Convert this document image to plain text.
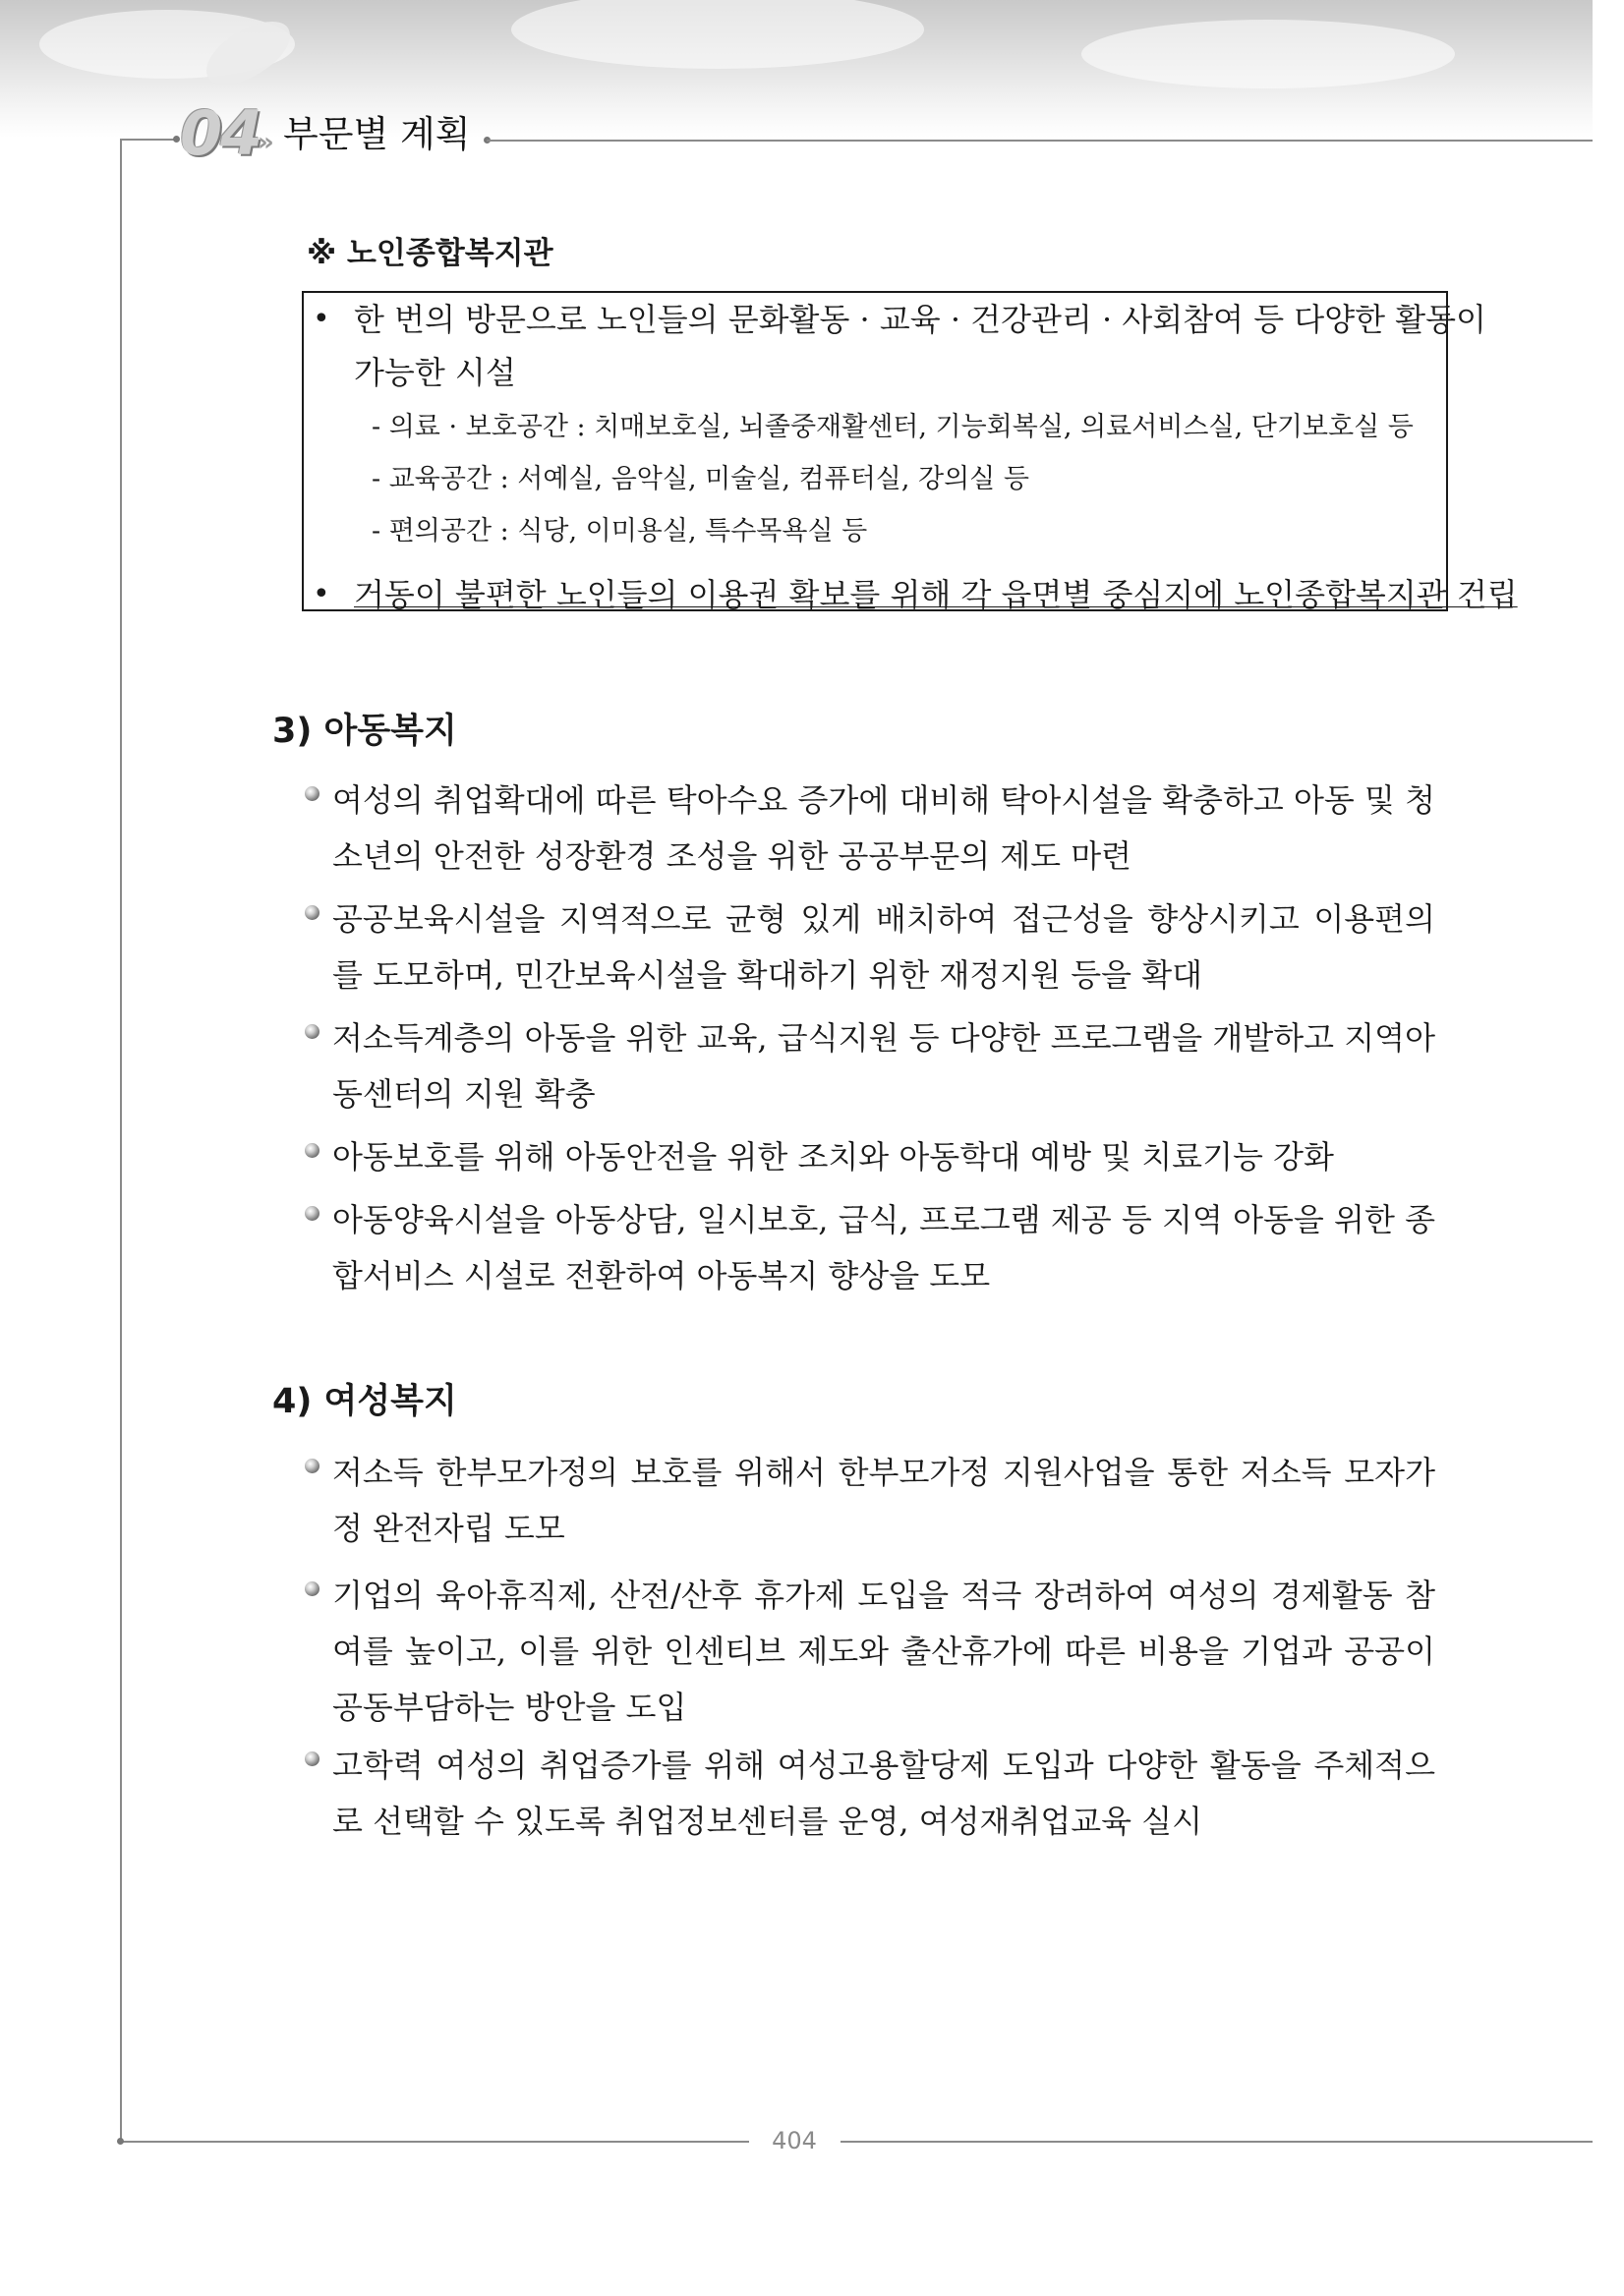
04
» 부문별 계획
※ 노인종합복지관
• 한 번의 방문으로 노인들의 문화활동 · 교육 · 건강관리 · 사회참여 등 다양한 활동이
가능한 시설
- 의료 · 보호공간 : 치매보호실, 뇌졸중재활센터, 기능회복실, 의료서비스실, 단기보호실 등
- 교육공간 : 서예실, 음악실, 미술실, 컴퓨터실, 강의실 등
- 편의공간 : 식당, 이미용실, 특수목욕실 등
• 거동이 불편한 노인들의 이용권 확보를 위해 각 읍면별 중심지에 노인종합복지관 건립
3) 아동복지
여성의 취업확대에 따른 탁아수요 증가에 대비해 탁아시설을 확충하고 아동 및 청소년의 안전한 성장환경 조성을 위한 공공부문의 제도 마련
공공보육시설을 지역적으로 균형 있게 배치하여 접근성을 향상시키고 이용편의를 도모하며, 민간보육시설을 확대하기 위한 재정지원 등을 확대
저소득계층의 아동을 위한 교육, 급식지원 등 다양한 프로그램을 개발하고 지역아동센터의 지원 확충
아동보호를 위해 아동안전을 위한 조치와 아동학대 예방 및 치료기능 강화
아동양육시설을 아동상담, 일시보호, 급식, 프로그램 제공 등 지역 아동을 위한 종합서비스 시설로 전환하여 아동복지 향상을 도모
4) 여성복지
저소득 한부모가정의 보호를 위해서 한부모가정 지원사업을 통한 저소득 모자가정 완전자립 도모
기업의 육아휴직제, 산전/산후 휴가제 도입을 적극 장려하여 여성의 경제활동 참여를 높이고, 이를 위한 인센티브 제도와 출산휴가에 따른 비용을 기업과 공공이 공동부담하는 방안을 도입
고학력 여성의 취업증가를 위해 여성고용할당제 도입과 다양한 활동을 주체적으로 선택할 수 있도록 취업정보센터를 운영, 여성재취업교육 실시
404
